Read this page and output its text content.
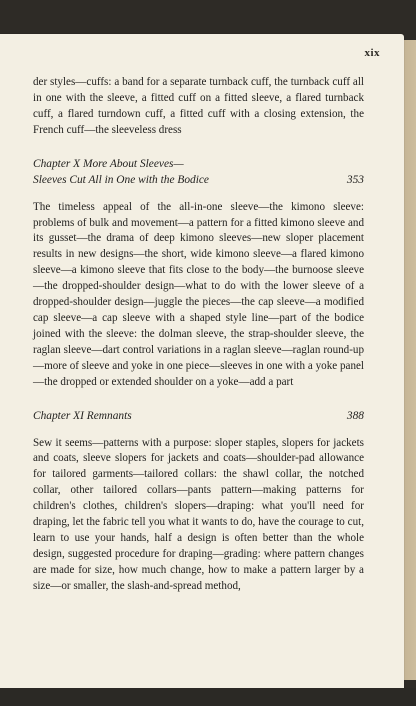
xix

der styles—cuffs: a band for a separate turnback cuff, the turnback cuff all in one with the sleeve, a fitted cuff on a fitted sleeve, a flared turnback cuff, a flared turndown cuff, a fitted cuff with a closing extension, the French cuff—the sleeveless dress

Chapter X More About Sleeves—
Sleeves Cut All in One with the Bodice	353

The timeless appeal of the all-in-one sleeve—the kimono sleeve: problems of bulk and movement—a pattern for a fitted kimono sleeve and its gusset—the drama of deep kimono sleeves—new sloper placement results in new designs—the short, wide kimono sleeve—a flared kimono sleeve—a kimono sleeve that fits close to the body—the burnoose sleeve—the dropped-shoulder design—what to do with the lower sleeve of a dropped-shoulder design—juggle the pieces—the cap sleeve—a modified cap sleeve—a cap sleeve with a shaped style line—part of the bodice joined with the sleeve: the dolman sleeve, the strap-shoulder sleeve, the raglan sleeve—dart control variations in a raglan sleeve—raglan round-up—more of sleeve and yoke in one piece—sleeves in one with a yoke panel—the dropped or extended shoulder on a yoke—add a part

Chapter XI Remnants	388

Sew it seems—patterns with a purpose: sloper staples, slopers for jackets and coats, sleeve slopers for jackets and coats—shoulder-pad allowance for tailored garments—tailored collars: the shawl collar, the notched collar, other tailored collars—pants pattern—making patterns for children's clothes, children's slopers—draping: what you'll need for draping, let the fabric tell you what it wants to do, have the courage to cut, learn to use your hands, half a design is often better than the whole design, suggested procedure for draping—grading: where pattern changes are made for size, how much change, how to make a pattern larger by a size—or smaller, the slash-and-spread method,
